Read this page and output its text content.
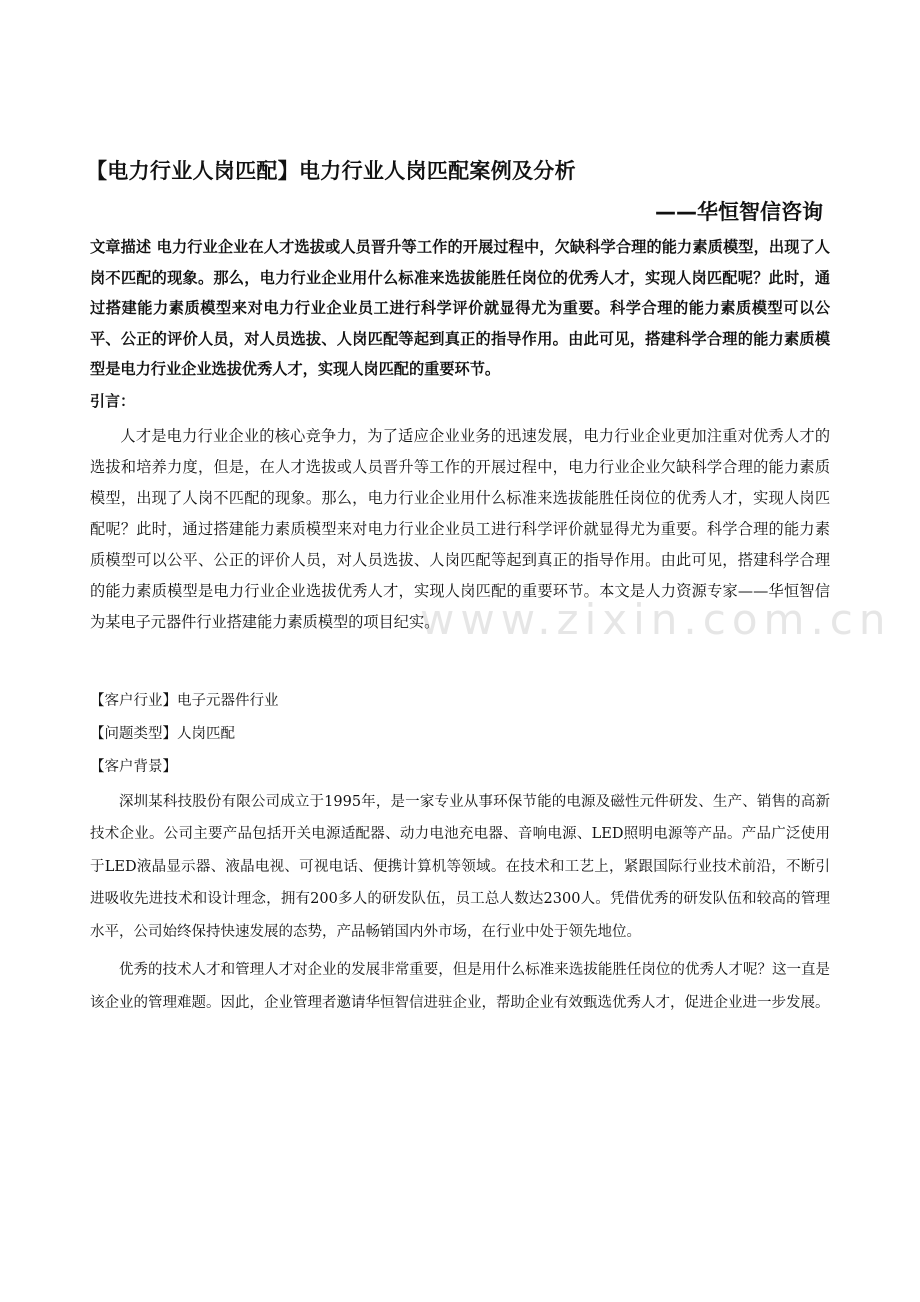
www.zixin.com.cn
【电力行业人岗匹配】电力行业人岗匹配案例及分析
——华恒智信咨询

文章描述 电力行业企业在人才选拔或人员晋升等工作的开展过程中，欠缺科学合理的能力素质模型，出现了人岗不匹配的现象。那么，电力行业企业用什么标准来选拔能胜任岗位的优秀人才，实现人岗匹配呢？此时，通过搭建能力素质模型来对电力行业企业员工进行科学评价就显得尤为重要。科学合理的能力素质模型可以公平、公正的评价人员，对人员选拔、人岗匹配等起到真正的指导作用。由此可见，搭建科学合理的能力素质模型是电力行业企业选拔优秀人才，实现人岗匹配的重要环节。

引言：

人才是电力行业企业的核心竞争力，为了适应企业业务的迅速发展，电力行业企业更加注重对优秀人才的选拔和培养力度，但是，在人才选拔或人员晋升等工作的开展过程中，电力行业企业欠缺科学合理的能力素质模型，出现了人岗不匹配的现象。那么，电力行业企业用什么标准来选拔能胜任岗位的优秀人才，实现人岗匹配呢？此时，通过搭建能力素质模型来对电力行业企业员工进行科学评价就显得尤为重要。科学合理的能力素质模型可以公平、公正的评价人员，对人员选拔、人岗匹配等起到真正的指导作用。由此可见，搭建科学合理的能力素质模型是电力行业企业选拔优秀人才，实现人岗匹配的重要环节。本文是人力资源专家——华恒智信为某电子元器件行业搭建能力素质模型的项目纪实。

【客户行业】电子元器件行业
【问题类型】人岗匹配
【客户背景】

深圳某科技股份有限公司成立于1995年，是一家专业从事环保节能的电源及磁性元件研发、生产、销售的高新技术企业。公司主要产品包括开关电源适配器、动力电池充电器、音响电源、LED照明电源等产品。产品广泛使用于LED液晶显示器、液晶电视、可视电话、便携计算机等领域。在技术和工艺上，紧跟国际行业技术前沿，不断引进吸收先进技术和设计理念，拥有200多人的研发队伍，员工总人数达2300人。凭借优秀的研发队伍和较高的管理水平，公司始终保持快速发展的态势，产品畅销国内外市场，在行业中处于领先地位。

优秀的技术人才和管理人才对企业的发展非常重要，但是用什么标准来选拔能胜任岗位的优秀人才呢？这一直是该企业的管理难题。因此，企业管理者邀请华恒智信进驻企业，帮助企业有效甄选优秀人才，促进企业进一步发展。
